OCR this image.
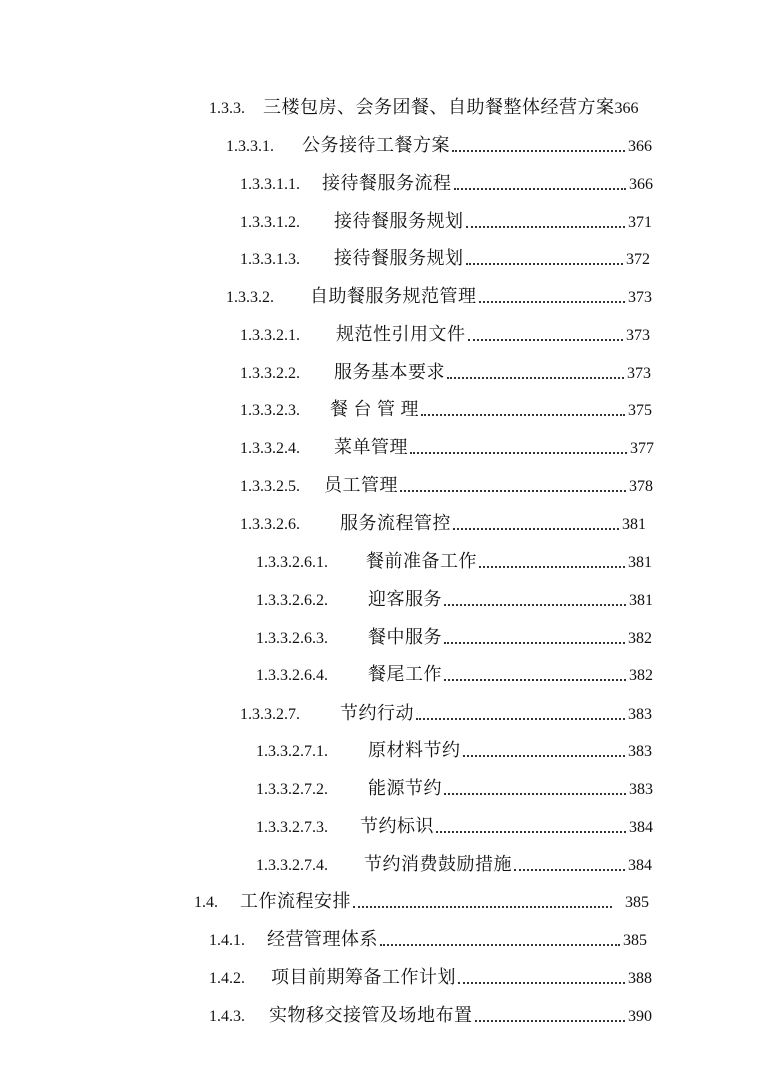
1.3.3.	三楼包房、会务团餐、自助餐整体经营方案 366
1.3.3.1.	公务接待工餐方案	366
1.3.3.1.1.	接待餐服务流程	366
1.3.3.1.2.	接待餐服务规划	371
1.3.3.1.3.	接待餐服务规划	372
1.3.3.2.	自助餐服务规范管理	373
1.3.3.2.1.	规范性引用文件	373
1.3.3.2.2.	服务基本要求	373
1.3.3.2.3.	餐 台 管 理	375
1.3.3.2.4.	菜单管理	377
1.3.3.2.5.	员工管理	378
1.3.3.2.6.	服务流程管控	381
1.3.3.2.6.1.	餐前准备工作	381
1.3.3.2.6.2.	迎客服务	381
1.3.3.2.6.3.	餐中服务	382
1.3.3.2.6.4.	餐尾工作	382
1.3.3.2.7.	节约行动	383
1.3.3.2.7.1.	原材料节约	383
1.3.3.2.7.2.	能源节约	383
1.3.3.2.7.3.	节约标识	384
1.3.3.2.7.4.	节约消费鼓励措施	384
1.4.	工作流程安排	385
1.4.1.	经营管理体系	385
1.4.2.	项目前期筹备工作计划	388
1.4.3.	实物移交接管及场地布置	390
